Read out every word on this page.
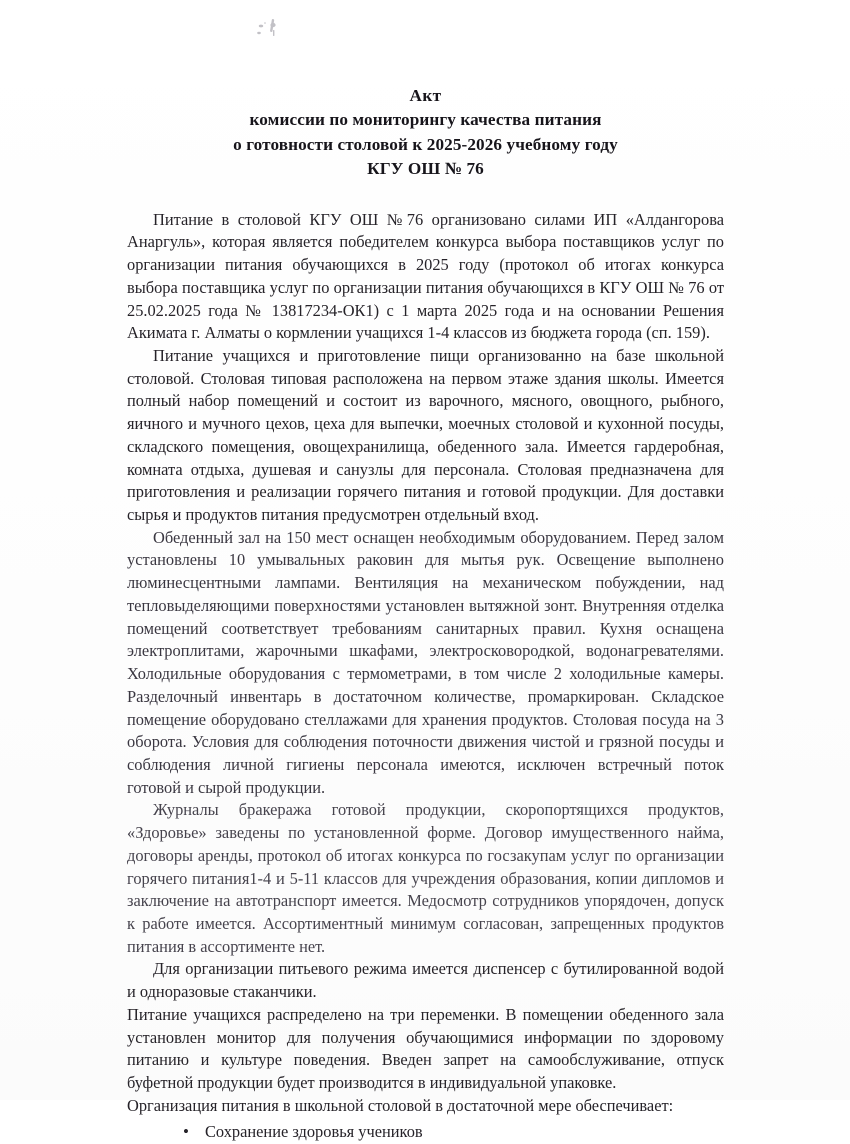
Акт
комиссии по мониторингу качества питания
о готовности столовой к 2025-2026 учебному году
КГУ ОШ № 76

Питание в столовой КГУ ОШ №76 организовано силами ИП «Алдангорова Анаргуль», которая является победителем конкурса выбора поставщиков услуг по организации питания обучающихся в 2025 году (протокол об итогах конкурса выбора поставщика услуг по организации питания обучающихся в КГУ ОШ № 76 от 25.02.2025 года № 13817234-ОК1) с 1 марта 2025 года и на основании Решения Акимата г. Алматы о кормлении учащихся 1-4 классов из бюджета города (сп. 159).

Питание учащихся и приготовление пищи организованно на базе школьной столовой. Столовая типовая расположена на первом этаже здания школы. Имеется полный набор помещений и состоит из варочного, мясного, овощного, рыбного, яичного и мучного цехов, цеха для выпечки, моечных столовой и кухонной посуды, складского помещения, овощехранилища, обеденного зала. Имеется гардеробная, комната отдыха, душевая и санузлы для персонала. Столовая предназначена для приготовления и реализации горячего питания и готовой продукции. Для доставки сырья и продуктов питания предусмотрен отдельный вход.

Обеденный зал на 150 мест оснащен необходимым оборудованием. Перед залом установлены 10 умывальных раковин для мытья рук. Освещение выполнено люминесцентными лампами. Вентиляция на механическом побуждении, над тепловыделяющими поверхностями установлен вытяжной зонт. Внутренняя отделка помещений соответствует требованиям санитарных правил. Кухня оснащена электроплитами, жарочными шкафами, электросковородкой, водонагревателями. Холодильные оборудования с термометрами, в том числе 2 холодильные камеры. Разделочный инвентарь в достаточном количестве, промаркирован. Складское помещение оборудовано стеллажами для хранения продуктов. Столовая посуда на 3 оборота. Условия для соблюдения поточности движения чистой и грязной посуды и соблюдения личной гигиены персонала имеются, исключен встречный поток готовой и сырой продукции.

Журналы бракеража готовой продукции, скоропортящихся продуктов, «Здоровье» заведены по установленной форме. Договор имущественного найма, договоры аренды, протокол об итогах конкурса по госзакупам услуг по организации горячего питания1-4 и 5-11 классов для учреждения образования, копии дипломов и заключение на автотранспорт имеется. Медосмотр сотрудников упорядочен, допуск к работе имеется. Ассортиментный минимум согласован, запрещенных продуктов питания в ассортименте нет.

Для организации питьевого режима имеется диспенсер с бутилированной водой и одноразовые стаканчики.

Питание учащихся распределено на три переменки. В помещении обеденного зала установлен монитор для получения обучающимися информации по здоровому питанию и культуре поведения. Введен запрет на самообслуживание, отпуск буфетной продукции будет производится в индивидуальной упаковке.

Организация питания в школьной столовой в достаточной мере обеспечивает:

• Сохранение здоровья учеников
